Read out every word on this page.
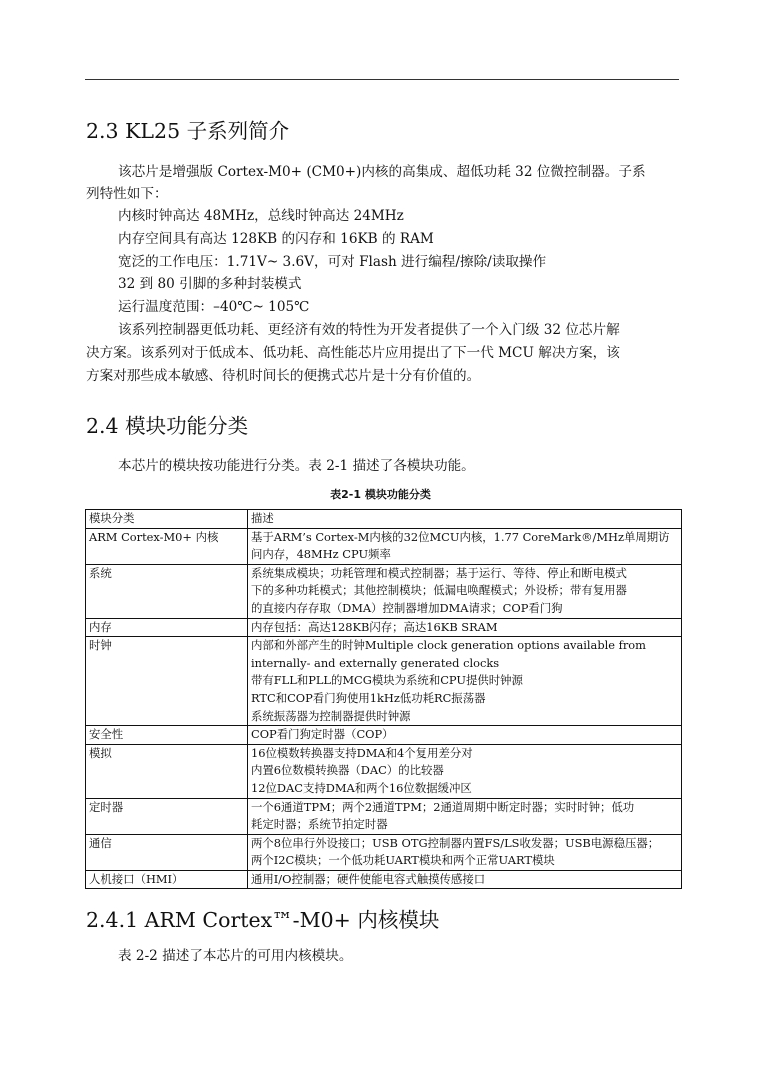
2.3 KL25 子系列简介
该芯片是增强版 Cortex-M0+ (CM0+)内核的高集成、超低功耗 32 位微控制器。子系
列特性如下：
内核时钟高达 48MHz，总线时钟高达 24MHz
内存空间具有高达 128KB 的闪存和 16KB 的 RAM
宽泛的工作电压：1.71V~ 3.6V，可对 Flash 进行编程/擦除/读取操作
32 到 80 引脚的多种封装模式
运行温度范围：–40℃~ 105℃
该系列控制器更低功耗、更经济有效的特性为开发者提供了一个入门级 32 位芯片解
决方案。该系列对于低成本、低功耗、高性能芯片应用提出了下一代 MCU 解决方案，该
方案对那些成本敏感、待机时间长的便携式芯片是十分有价值的。
2.4 模块功能分类
本芯片的模块按功能进行分类。表 2-1 描述了各模块功能。
表2-1 模块功能分类
模块分类	描述
ARM Cortex-M0+ 内核	基于ARM’s Cortex-M内核的32位MCU内核，1.77 CoreMark®/MHz单周期访
问内存，48MHz CPU频率

系统	系统集成模块；功耗管理和模式控制器；基于运行、等待、停止和断电模式
下的多种功耗模式；其他控制模块；低漏电唤醒模式；外设桥；带有复用器
的直接内存存取（DMA）控制器增加DMA请求；COP看门狗

内存	内存包括：高达128KB闪存；高达16KB SRAM

时钟	内部和外部产生的时钟Multiple clock generation options available from
internally- and externally generated clocks
带有FLL和PLL的MCG模块为系统和CPU提供时钟源
RTC和COP看门狗使用1kHz低功耗RC振荡器
系统振荡器为控制器提供时钟源

安全性	COP看门狗定时器（COP）

模拟	16位模数转换器支持DMA和4个复用差分对
内置6位数模转换器（DAC）的比较器
12位DAC支持DMA和两个16位数据缓冲区

定时器	一个6通道TPM；两个2通道TPM；2通道周期中断定时器；实时时钟；低功
耗定时器；系统节拍定时器

通信	两个8位串行外设接口；USB OTG控制器内置FS/LS收发器；USB电源稳压器；
两个I2C模块；一个低功耗UART模块和两个正常UART模块

人机接口（HMI）	通用I/O控制器；硬件使能电容式触摸传感接口
2.4.1 ARM Cortex™-M0+ 内核模块
表 2-2 描述了本芯片的可用内核模块。
